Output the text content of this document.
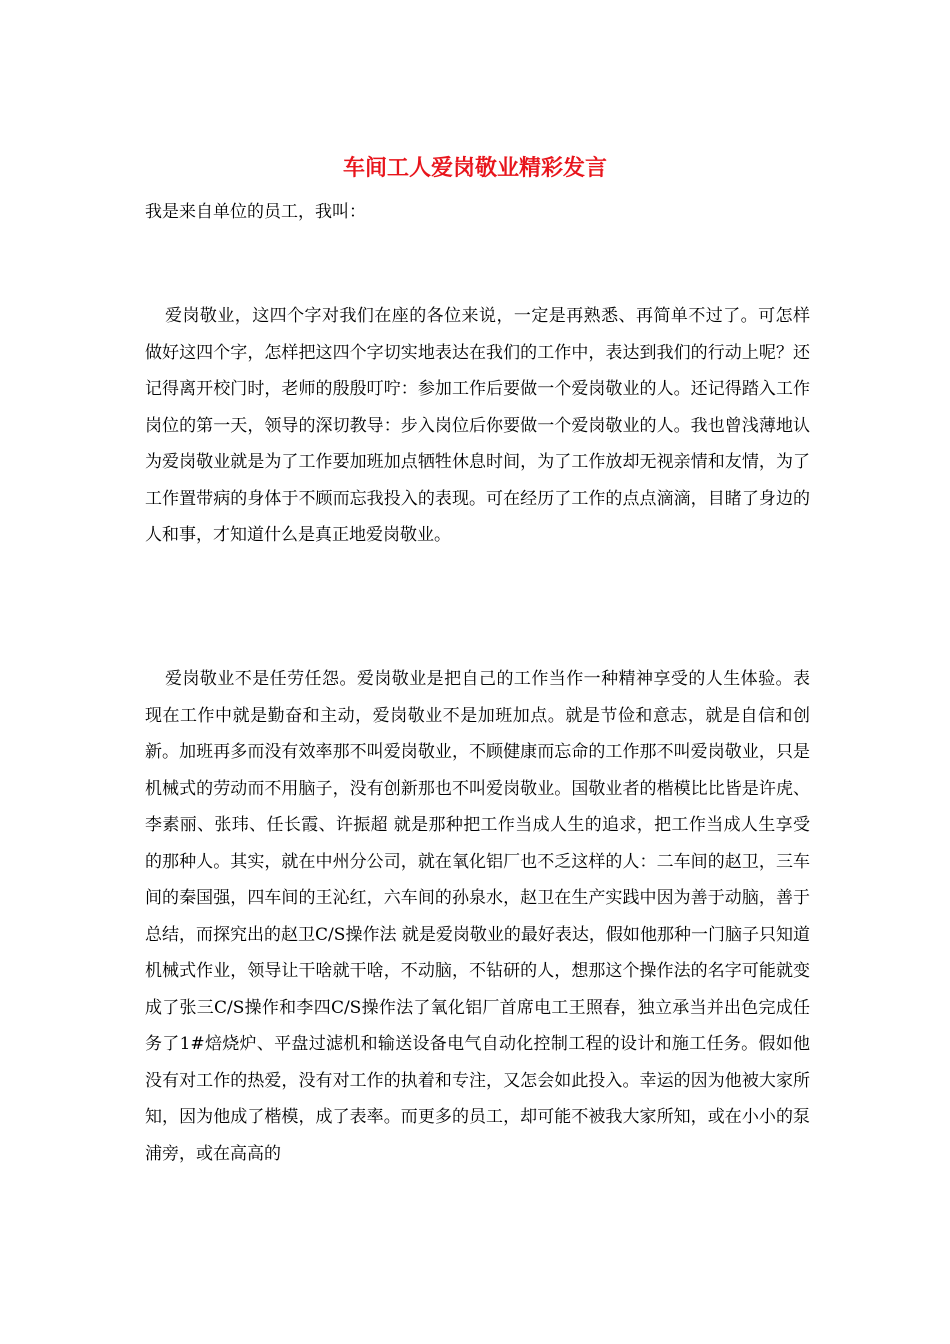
车间工人爱岗敬业精彩发言

我是来自单位的员工，我叫：

爱岗敬业，这四个字对我们在座的各位来说，一定是再熟悉、再简单不过了。可怎样做好这四个字，怎样把这四个字切实地表达在我们的工作中，表达到我们的行动上呢？还记得离开校门时，老师的殷殷叮咛：参加工作后要做一个爱岗敬业的人。还记得踏入工作岗位的第一天，领导的深切教导：步入岗位后你要做一个爱岗敬业的人。我也曾浅薄地认为爱岗敬业就是为了工作要加班加点牺牲休息时间，为了工作放却无视亲情和友情，为了工作置带病的身体于不顾而忘我投入的表现。可在经历了工作的点点滴滴，目睹了身边的人和事，才知道什么是真正地爱岗敬业。

爱岗敬业不是任劳任怨。爱岗敬业是把自己的工作当作一种精神享受的人生体验。表现在工作中就是勤奋和主动，爱岗敬业不是加班加点。就是节俭和意志，就是自信和创新。加班再多而没有效率那不叫爱岗敬业，不顾健康而忘命的工作那不叫爱岗敬业，只是机械式的劳动而不用脑子，没有创新那也不叫爱岗敬业。国敬业者的楷模比比皆是许虎、李素丽、张玮、任长霞、许振超 就是那种把工作当成人生的追求，把工作当成人生享受的那种人。其实，就在中州分公司，就在氧化铝厂也不乏这样的人：二车间的赵卫，三车间的秦国强，四车间的王沁红，六车间的孙泉水，赵卫在生产实践中因为善于动脑，善于总结，而探究出的赵卫C/S操作法 就是爱岗敬业的最好表达，假如他那种一门脑子只知道机械式作业，领导让干啥就干啥，不动脑，不钻研的人，想那这个操作法的名字可能就变成了张三C/S操作和李四C/S操作法了氧化铝厂首席电工王照春，独立承当并出色完成任务了1#焙烧炉、平盘过滤机和输送设备电气自动化控制工程的设计和施工任务。假如他没有对工作的热爱，没有对工作的执着和专注，又怎会如此投入。幸运的因为他被大家所知，因为他成了楷模，成了表率。而更多的员工，却可能不被我大家所知，或在小小的泵浦旁，或在高高的
